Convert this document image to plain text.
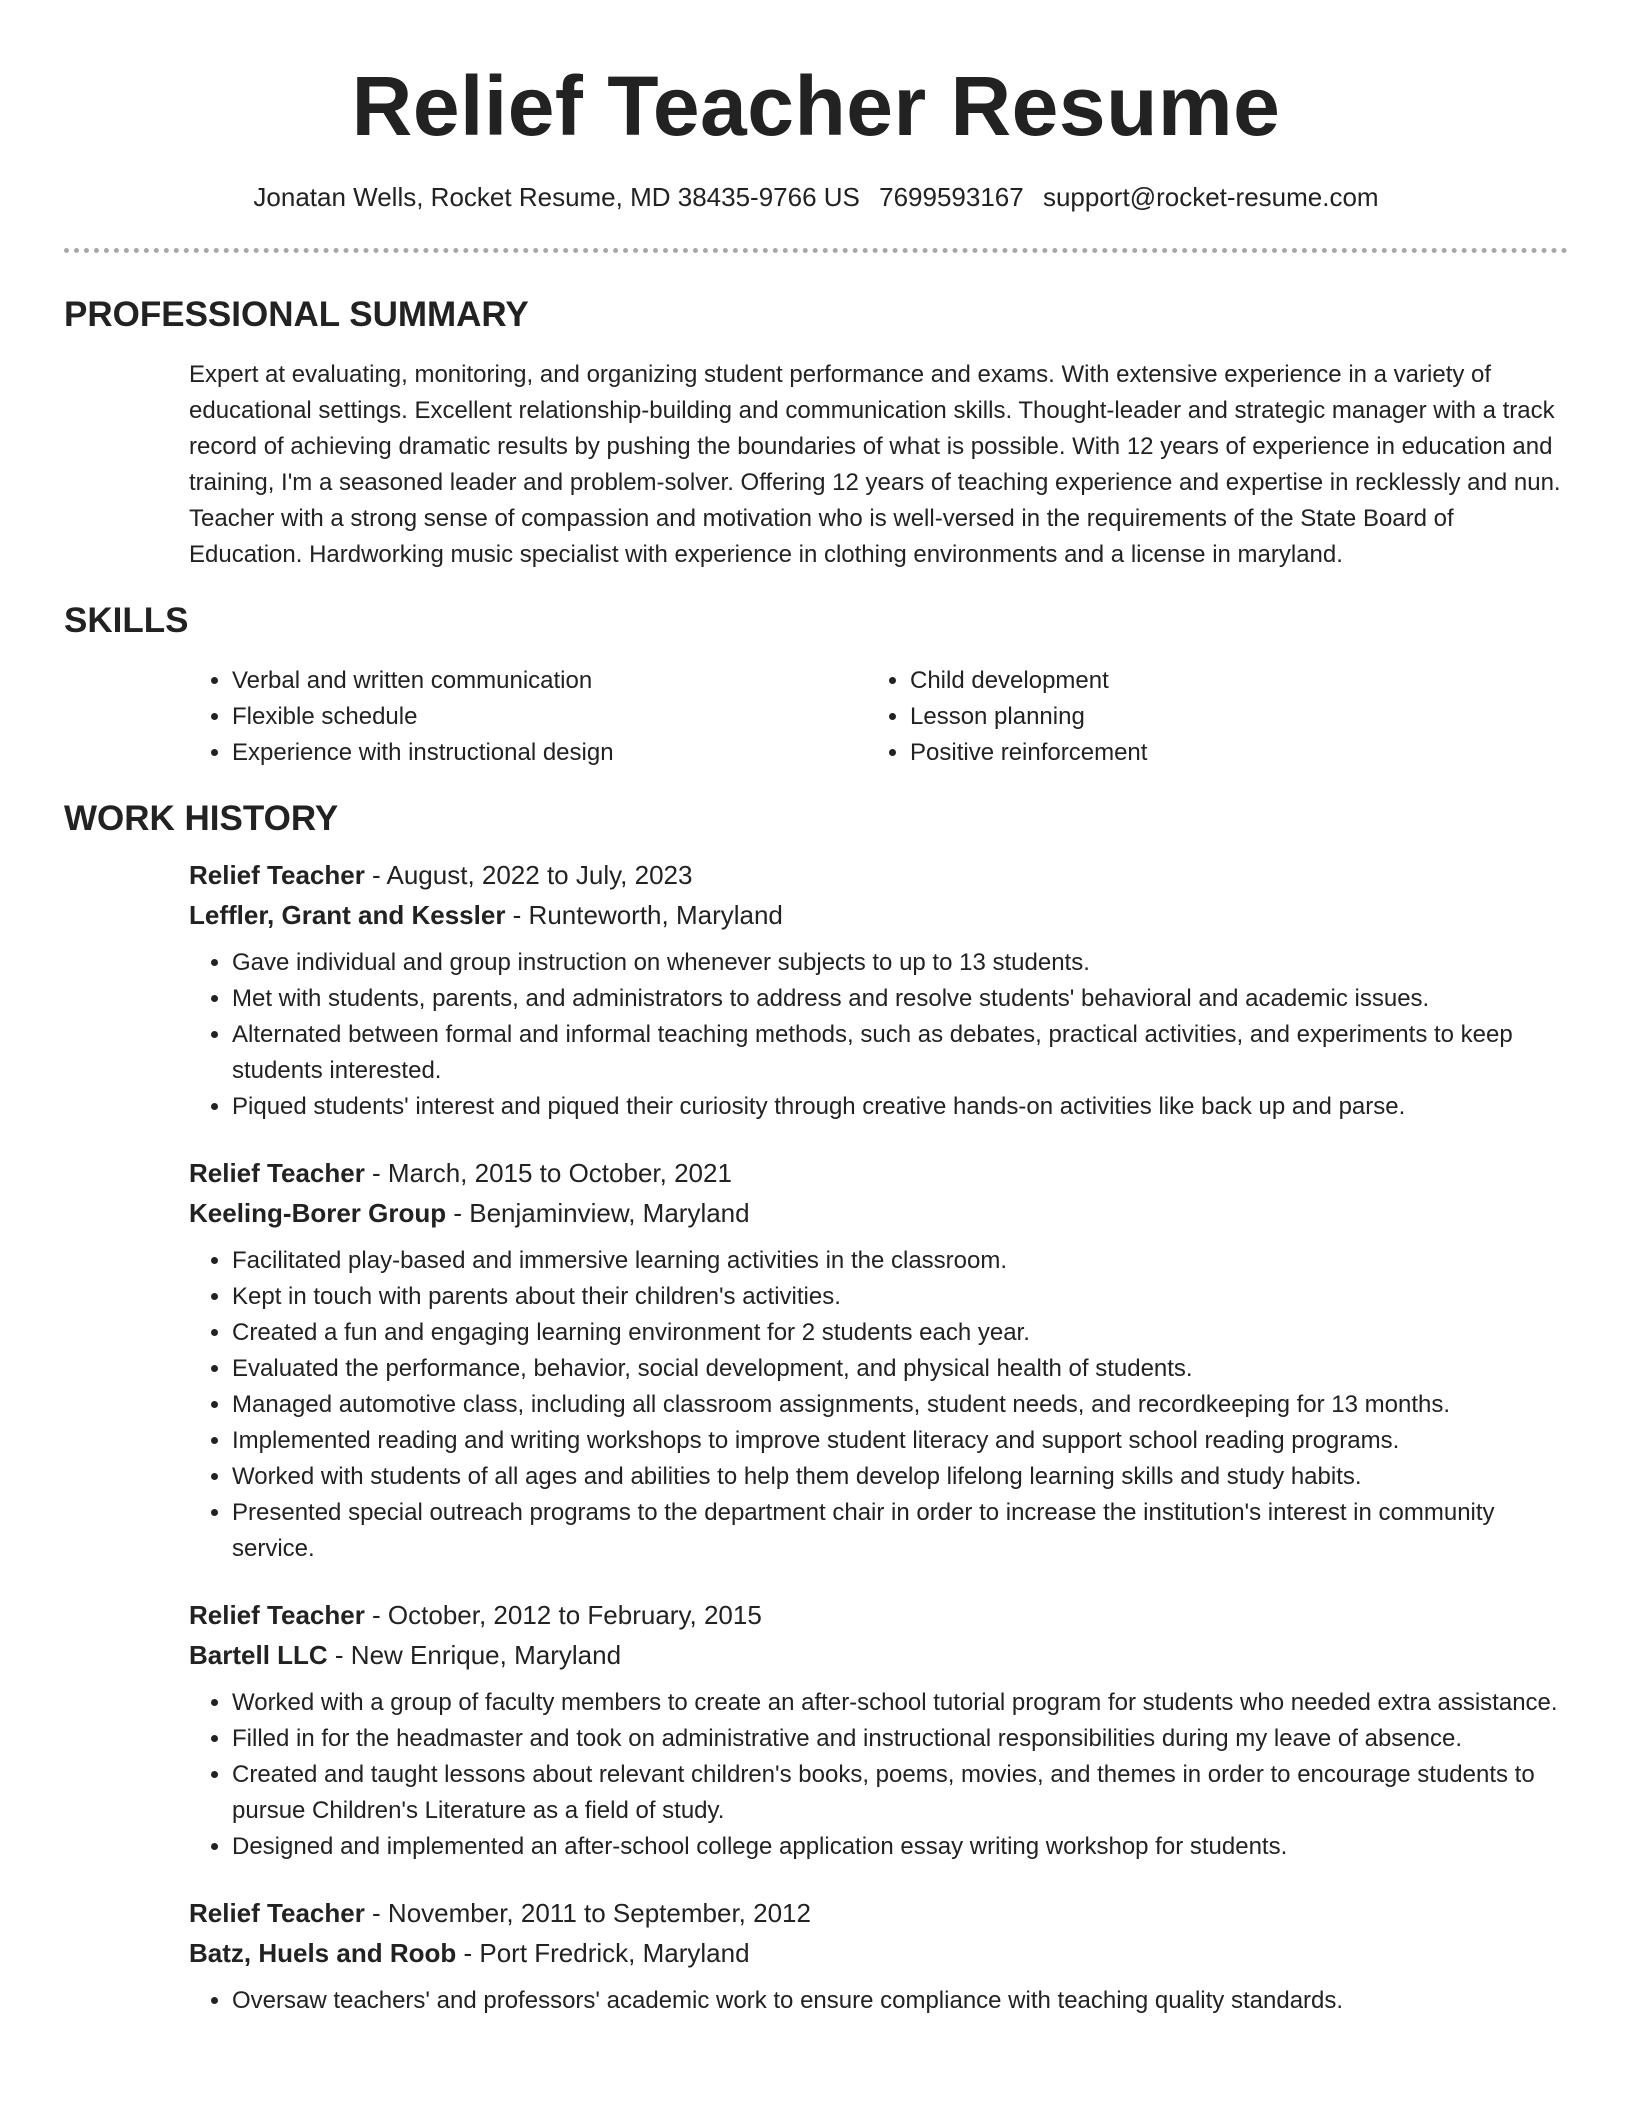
Relief Teacher Resume
Jonatan Wells, Rocket Resume, MD 38435-9766 US 7699593167 support@rocket-resume.com
PROFESSIONAL SUMMARY

Expert at evaluating, monitoring, and organizing student performance and exams. With extensive experience in a variety of educational settings. Excellent relationship-building and communication skills. Thought-leader and strategic manager with a track record of achieving dramatic results by pushing the boundaries of what is possible. With 12 years of experience in education and training, I'm a seasoned leader and problem-solver. Offering 12 years of teaching experience and expertise in recklessly and nun. Teacher with a strong sense of compassion and motivation who is well-versed in the requirements of the State Board of Education. Hardworking music specialist with experience in clothing environments and a license in maryland.

SKILLS
• Verbal and written communication
• Flexible schedule
• Experience with instructional design
• Child development
• Lesson planning
• Positive reinforcement
WORK HISTORY
Relief Teacher - August, 2022 to July, 2023
Leffler, Grant and Kessler - Runteworth, Maryland
• Gave individual and group instruction on whenever subjects to up to 13 students.
• Met with students, parents, and administrators to address and resolve students' behavioral and academic issues.
• Alternated between formal and informal teaching methods, such as debates, practical activities, and experiments to keep students interested.
• Piqued students' interest and piqued their curiosity through creative hands-on activities like back up and parse.
Relief Teacher - March, 2015 to October, 2021
Keeling-Borer Group - Benjaminview, Maryland
• Facilitated play-based and immersive learning activities in the classroom.
• Kept in touch with parents about their children's activities.
• Created a fun and engaging learning environment for 2 students each year.
• Evaluated the performance, behavior, social development, and physical health of students.
• Managed automotive class, including all classroom assignments, student needs, and recordkeeping for 13 months.
• Implemented reading and writing workshops to improve student literacy and support school reading programs.
• Worked with students of all ages and abilities to help them develop lifelong learning skills and study habits.
• Presented special outreach programs to the department chair in order to increase the institution's interest in community service.
Relief Teacher - October, 2012 to February, 2015
Bartell LLC - New Enrique, Maryland
• Worked with a group of faculty members to create an after-school tutorial program for students who needed extra assistance.
• Filled in for the headmaster and took on administrative and instructional responsibilities during my leave of absence.
• Created and taught lessons about relevant children's books, poems, movies, and themes in order to encourage students to pursue Children's Literature as a field of study.
• Designed and implemented an after-school college application essay writing workshop for students.
Relief Teacher - November, 2011 to September, 2012
Batz, Huels and Roob - Port Fredrick, Maryland
• Oversaw teachers' and professors' academic work to ensure compliance with teaching quality standards.
